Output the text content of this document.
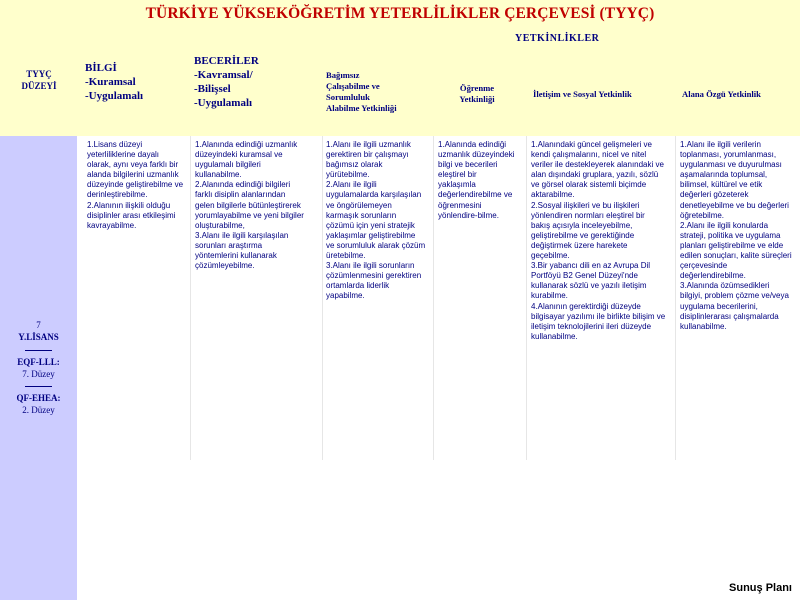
TÜRKİYE YÜKSEKÖĞRETİM YETERLİLİKLER ÇERÇEVESİ (TYYÇ)
YETKİNLİKLER
TYYÇ
DÜZEYİ
BİLGİ
-Kuramsal
-Uygulamalı
BECERİLER
-Kavramsal/
-Bilişsel
-Uygulamalı
Bağımsız
Çalışabilme ve
Sorumluluk
Alabilme Yetkinliği
Öğrenme
Yetkinliği	İletişim ve Sosyal Yetkinlik	Alana Özgü Yetkinlik
7
Y.LİSANS
EQF-LLL:
7. Düzey
QF-EHEA:
2. Düzey

1.Lisans düzeyi yeterliliklerine dayalı olarak, aynı veya farklı bir alanda bilgilerini uzmanlık düzeyinde geliştirebilme ve derinleştirebilme.

2.Alanının ilişkili olduğu disiplinler arası etkileşimi kavrayabilme.

1.Alanında edindiği uzmanlık düzeyindeki kuramsal ve uygulamalı bilgileri kullanabilme.

2.Alanında edindiği bilgileri farklı disiplin alanlarından gelen bilgilerle bütünleştirerek yorumlayabilme ve yeni bilgiler oluşturabilme,

3.Alanı ile ilgili karşılaşılan sorunları araştırma yöntemlerini kullanarak çözümleyebilme.

1.Alanı ile ilgili uzmanlık gerektiren bir çalışmayı bağımsız olarak yürütebilme.

2.Alanı ile ilgili uygulamalarda karşılaşılan ve öngörülemeyen karmaşık sorunların çözümü için yeni stratejik yaklaşımlar geliştirebilme ve sorumluluk alarak çözüm üretebilme.

3.Alanı ile ilgili sorunların çözümlenmesini gerektiren ortamlarda liderlik yapabilme.

1.Alanında edindiği uzmanlık düzeyindeki bilgi ve becerileri eleştirel bir yaklaşımla değerlendirebilme ve öğrenmesini yönlendire-bilme.

1.Alanındaki güncel gelişmeleri ve kendi çalışmalarını, nicel ve nitel veriler ile destekleyerek alanındaki ve alan dışındaki gruplara, yazılı, sözlü ve görsel olarak sistemli biçimde aktarabilme.

2.Sosyal ilişkileri ve bu ilişkileri yönlendiren normları eleştirel bir bakış açısıyla inceleyebilme, geliştirebilme ve gerektiğinde değiştirmek üzere harekete geçebilme.

3.Bir yabancı dili en az Avrupa Dil Portföyü B2 Genel Düzeyi'nde kullanarak sözlü ve yazılı iletişim kurabilme.

4.Alanının gerektirdiği düzeyde bilgisayar yazılımı ile birlikte bilişim ve iletişim teknolojilerini ileri düzeyde kullanabilme.

1.Alanı ile ilgili verilerin toplanması, yorumlanması, uygulanması ve duyurulması aşamalarında toplumsal, bilimsel, kültürel ve etik değerleri gözeterek denetleyebilme ve bu değerleri öğretebilme.

2.Alanı ile ilgili konularda strateji, politika ve uygulama planları geliştirebilme ve elde edilen sonuçları, kalite süreçleri çerçevesinde değerlendirebilme.

3.Alanında özümsedikleri bilgiyi, problem çözme ve/veya uygulama becerilerini, disiplinlerarası çalışmalarda kullanabilme.

Sunuş Planı
